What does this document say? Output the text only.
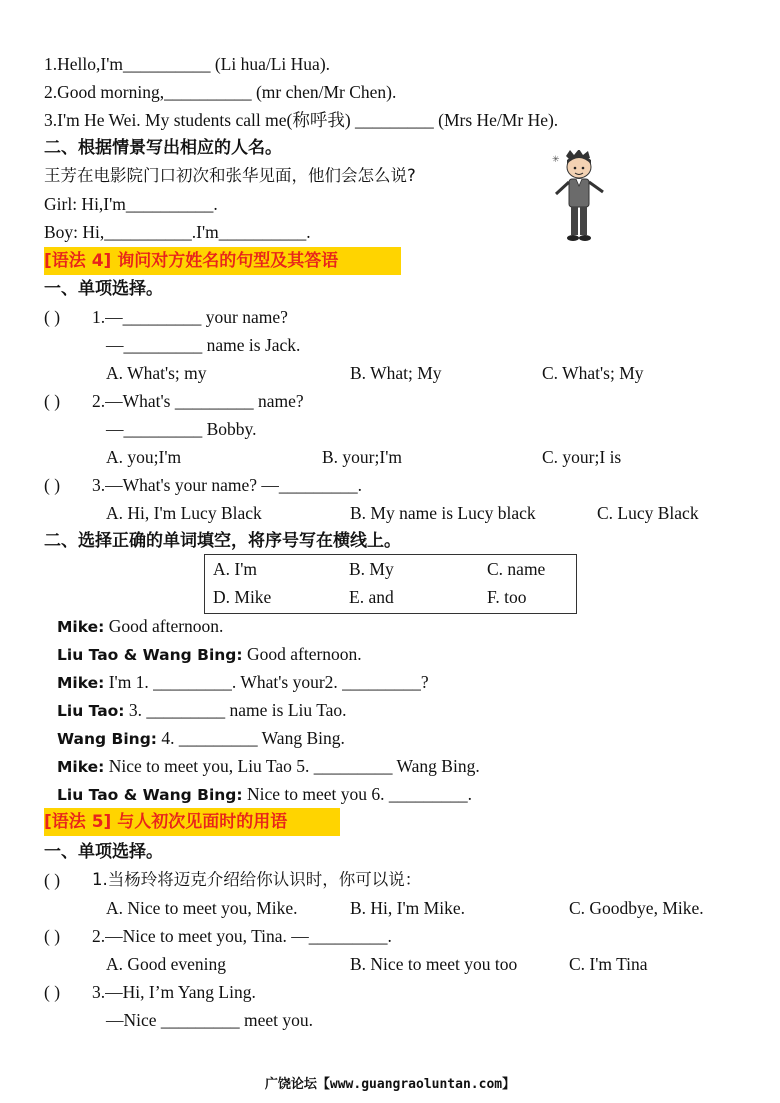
1.Hello,I'm__________ (Li hua/Li Hua).
2.Good morning,__________ (mr chen/Mr Chen).
3.I'm He Wei. My students call me(称呼我) _________ (Mrs He/Mr He).
二、根据情景写出相应的人名。
王芳在电影院门口初次和张华见面，他们会怎么说?
Girl: Hi,I'm__________.
Boy: Hi,__________.I'm__________.
✳
[语法 4] 询问对方姓名的句型及其答语
一、单项选择。
( ) 1.—_________ your name?
—_________ name is Jack.
A. What's; my	B. What; My	C. What's; My
( ) 2.—What's _________ name?
—_________ Bobby.
A. you;I'm	B. your;I'm	C. your;I is
( ) 3.—What's your name? —_________.
A. Hi, I'm Lucy Black	B. My name is Lucy black	C. Lucy Black
二、选择正确的单词填空，将序号写在横线上。
A. I'm	B. My	C. name
D. Mike	E. and	F. too
Mike: Good afternoon.
Liu Tao & Wang Bing: Good afternoon.
Mike: I'm 1. _________. What's your2. _________?
Liu Tao: 3. _________ name is Liu Tao.
Wang Bing: 4. _________ Wang Bing.
Mike: Nice to meet you, Liu Tao 5. _________ Wang Bing.
Liu Tao & Wang Bing: Nice to meet you 6. _________.
[语法 5] 与人初次见面时的用语
一、单项选择。
( ) 1.当杨玲将迈克介绍给你认识时，你可以说：
A. Nice to meet you, Mike.	B. Hi, I'm Mike.	C. Goodbye, Mike.
( ) 2.—Nice to meet you, Tina. —_________.
A. Good evening	B. Nice to meet you too	C. I'm Tina
( ) 3.—Hi, I’m Yang Ling.
—Nice _________ meet you.
广饶论坛【www.guangraoluntan.com】
